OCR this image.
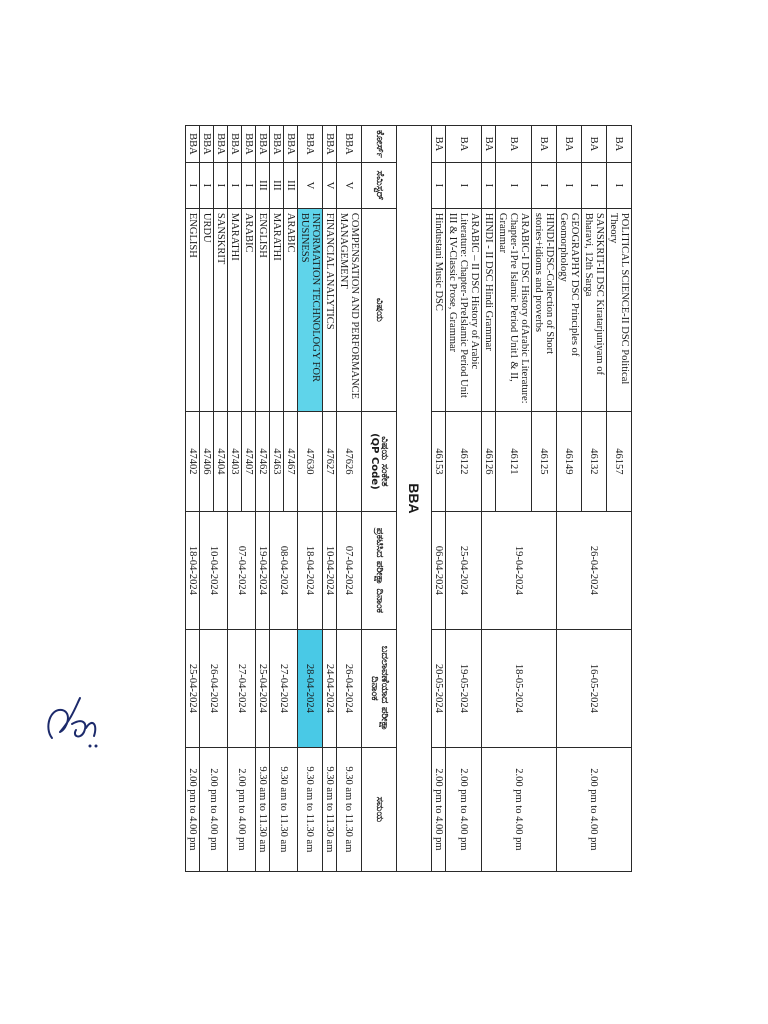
BA	I	POLITICAL SCIENCE-II DSC Political Theory	46157	26-04-2024	16-05-2024	2.00 pm to 4.00 pm
BA	I	SANSKRIT-II DSC Kiratarjuniyam of Bharavi, 12th Sarga	46132			
BA	I	GEOGRAPHY DSC Principles of Geomorphology	46149			
BA	I	HINDI-IDSC-Collection of Short stories+idioms and proverbs	46125	19-04-2024	18-05-2024	2.00 pm to 4.00 pm
BA	I	ARABIC-I DSC History ofArabic Literature: Chapter-1Pre Islamic Period Unit1 & II, Grammar	46121			
BA	I	HINDI - II DSC Hindi Grammar	46126			
BA	I	ARABIC – II DSC History of Arabic Literature: Chapter-1PreIslamic Period Unit III & IV-Classic Prose, Grammar	46122	25-04-2024	19-05-2024	2.00 pm to 4.00 pm
BA	I	Hindustani Music DSC	46153	06-04-2024	20-05-2024	2.00 pm to 4.00 pm
BBA						
ಕೋರ್ಸ್	ಸೆಮಿಸ್ಟರ್	ವಿಷಯ	ವಿಷಯ ಸಂಕೇತ
(QP Code)	ಪ್ರಕಟಿಸಿದ ಪರೀಕ್ಷಾ ದಿನಾಂಕ	ಬದಲಾವಣೆಯಾದ ಪರೀಕ್ಷಾ ದಿನಾಂಕ	ಸಮಯ
BBA	V	COMPENSATION AND PERFORMANCE MANAGEMENT	47626	07-04-2024	26-04-2024	9.30 am to 11.30 am
BBA	V	FINANCIAL ANALYTICS	47627	10-04-2024	24-04-2024	9.30 am to 11.30 am
BBA	V	INFORMATION TECHNOLOGY FOR BUSINESS	47630	18-04-2024	28-04-2024	9.30 am to 11.30 am
BBA	III	ARABIC	47467	08-04-2024	27-04-2024	9.30 am to 11.30 am
BBA	III	MARATHI	47463			
BBA	III	ENGLISH	47462	19-04-2024	25-04-2024	9.30 am to 11.30 am
BBA	I	ARABIC	47407	07-04-2024	27-04-2024	2.00 pm to 4.00 pm
BBA	I	MARATHI	47403			
BBA	I	SANSKRIT	47404	10-04-2024	26-04-2024	2.00 pm to 4.00 pm
BBA	I	URDU	47406			
BBA	I	ENGLISH	47402	18-04-2024	25-04-2024	2.00 pm to 4.00 pm
